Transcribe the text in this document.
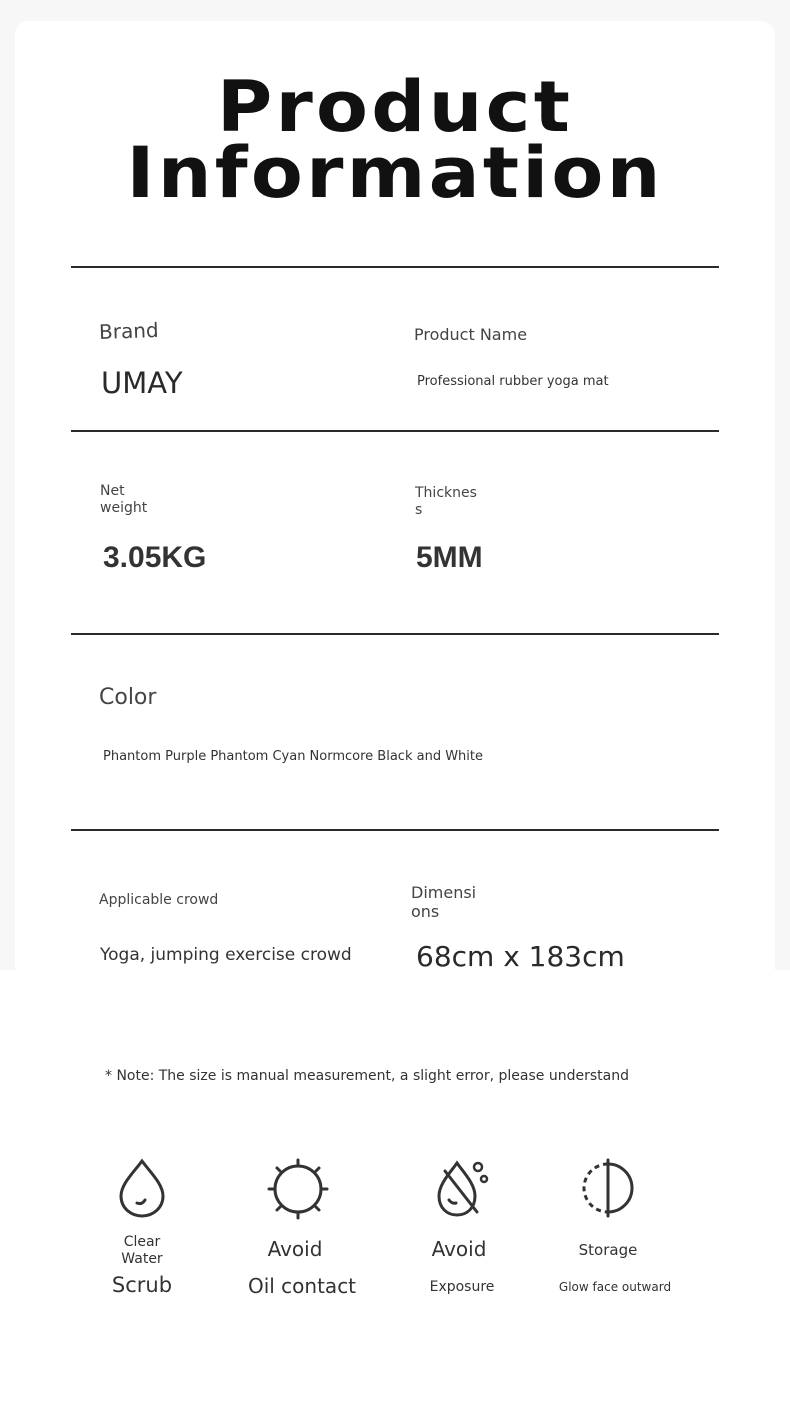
Product
Information
Brand
UMAY
Product Name
Professional rubber yoga mat
Net
weight
3.05KG
Thicknes
s
5MM
Color
Phantom Purple Phantom Cyan Normcore Black and White
Applicable crowd
Yoga, jumping exercise crowd
Dimensi
ons
68cm x 183cm
* Note: The size is manual measurement, a slight error, please understand
Clear
Water
Scrub
Avoid
Oil contact
Avoid
Exposure
Storage
Glow face outward
